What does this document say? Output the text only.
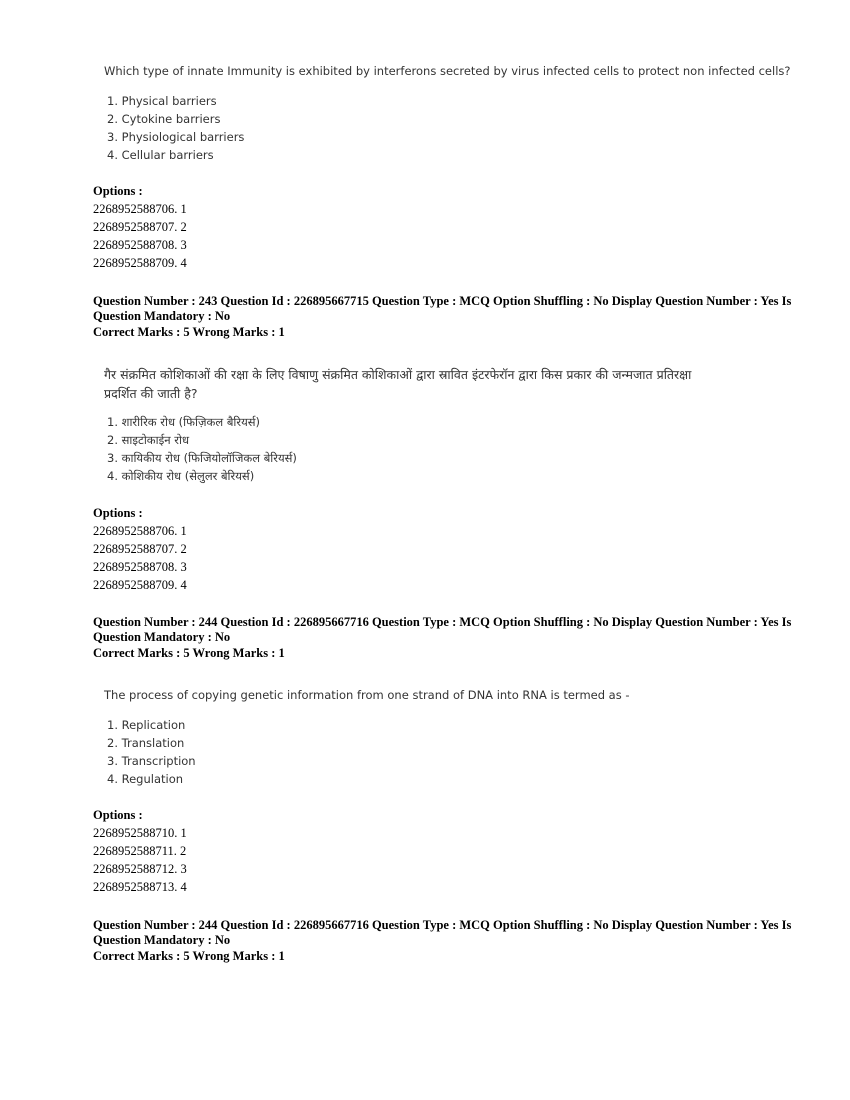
Which type of innate Immunity is exhibited by interferons secreted by virus infected cells to protect non infected cells?
1. Physical barriers
2. Cytokine barriers
3. Physiological barriers
4. Cellular barriers
Options :
2268952588706. 1
2268952588707. 2
2268952588708. 3
2268952588709. 4
Question Number : 243 Question Id : 226895667715 Question Type : MCQ Option Shuffling : No Display Question Number : Yes Is
Question Mandatory : No
Correct Marks : 5 Wrong Marks : 1
गैर संक्रमित कोशिकाओं की रक्षा के लिए विषाणु संक्रमित कोशिकाओं द्वारा स्रावित इंटरफेरॉन द्वारा किस प्रकार की जन्मजात प्रतिरक्षा
प्रदर्शित की जाती है?
1. शारीरिक रोध (फिज़िकल बैरियर्स)
2. साइटोकाईन रोध
3. कायिकीय रोध (फिजियोलॉजिकल बेरियर्स)
4. कोशिकीय रोध (सेलुलर बेरियर्स)
Options :
2268952588706. 1
2268952588707. 2
2268952588708. 3
2268952588709. 4
Question Number : 244 Question Id : 226895667716 Question Type : MCQ Option Shuffling : No Display Question Number : Yes Is
Question Mandatory : No
Correct Marks : 5 Wrong Marks : 1
The process of copying genetic information from one strand of DNA into RNA is termed as -
1. Replication
2. Translation
3. Transcription
4. Regulation
Options :
2268952588710. 1
2268952588711. 2
2268952588712. 3
2268952588713. 4
Question Number : 244 Question Id : 226895667716 Question Type : MCQ Option Shuffling : No Display Question Number : Yes Is
Question Mandatory : No
Correct Marks : 5 Wrong Marks : 1
